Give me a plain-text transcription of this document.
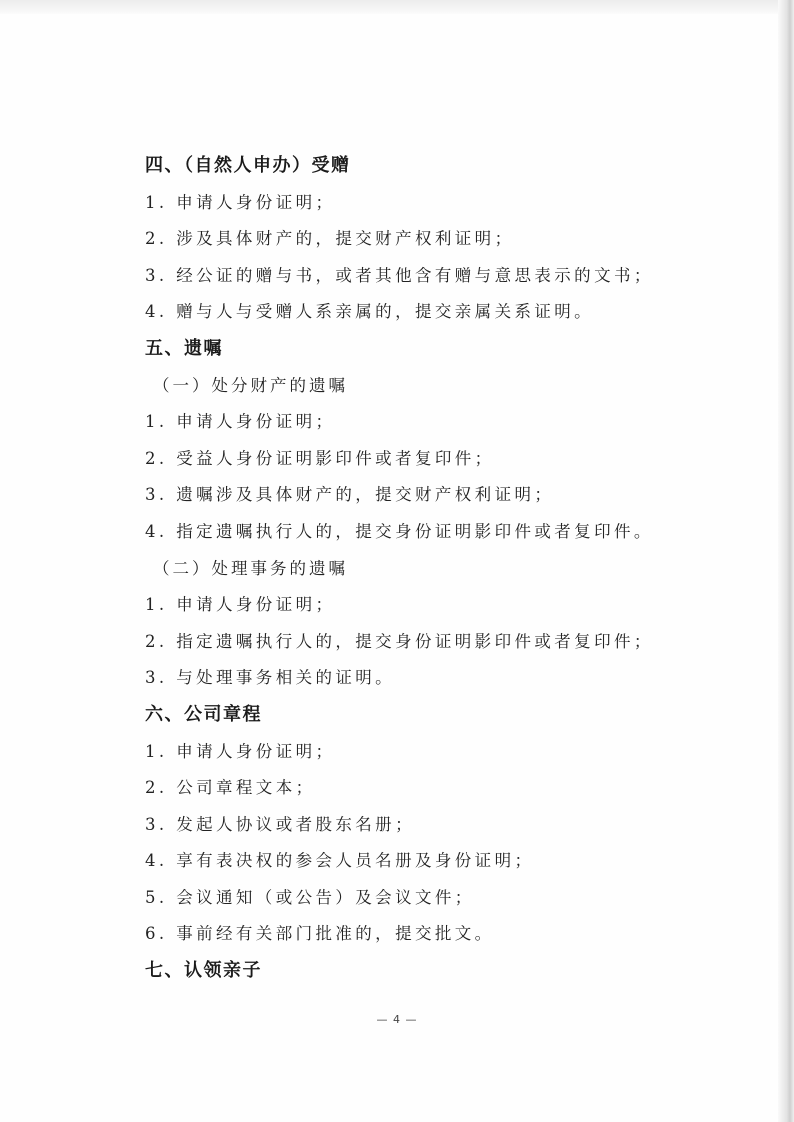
四、（自然人申办）受赠
1. 申请人身份证明；
2. 涉及具体财产的，提交财产权利证明；
3. 经公证的赠与书，或者其他含有赠与意思表示的文书；
4. 赠与人与受赠人系亲属的，提交亲属关系证明。
五、遗嘱
（一）处分财产的遗嘱
1. 申请人身份证明；
2. 受益人身份证明影印件或者复印件；
3. 遗嘱涉及具体财产的，提交财产权利证明；
4. 指定遗嘱执行人的，提交身份证明影印件或者复印件。
（二）处理事务的遗嘱
1. 申请人身份证明；
2. 指定遗嘱执行人的，提交身份证明影印件或者复印件；
3. 与处理事务相关的证明。
六、公司章程
1. 申请人身份证明；
2. 公司章程文本；
3. 发起人协议或者股东名册；
4. 享有表决权的参会人员名册及身份证明；
5. 会议通知（或公告）及会议文件；
6. 事前经有关部门批准的，提交批文。
七、认领亲子
— 4 —
